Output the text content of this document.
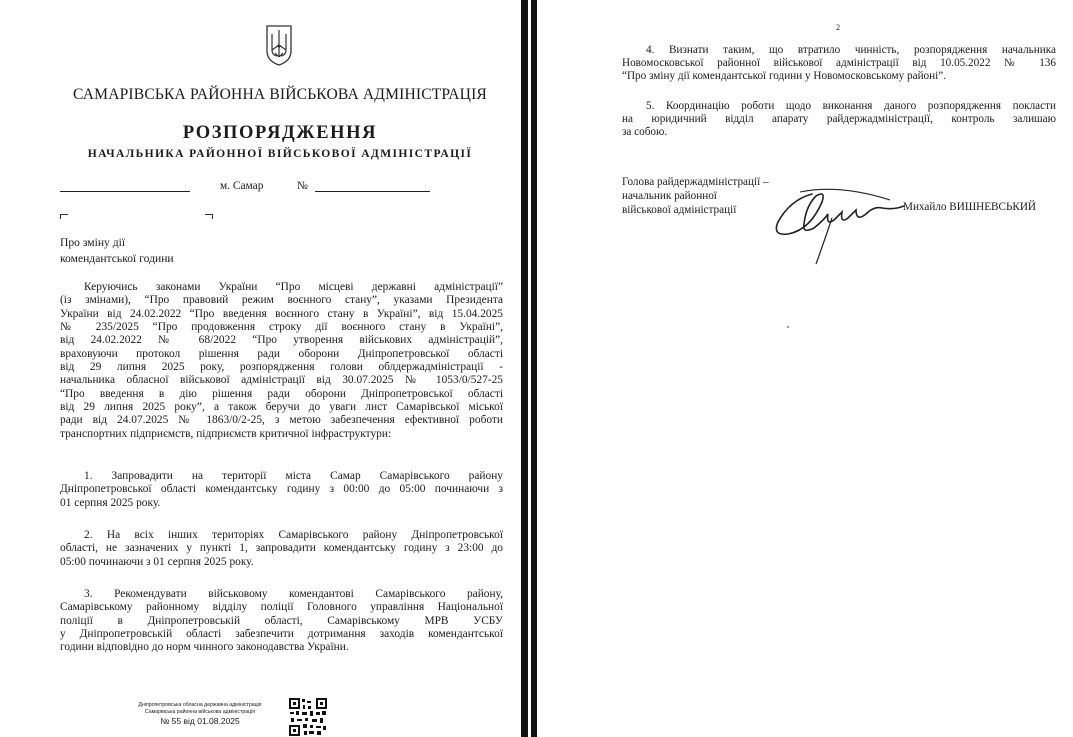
САМАРІВСЬКА РАЙОННА ВІЙСЬКОВА АДМІНІСТРАЦІЯ
РОЗПОРЯДЖЕННЯ
НАЧАЛЬНИКА РАЙОННОЇ ВІЙСЬКОВОЇ АДМІНІСТРАЦІЇ
м. Самар	№
Про зміну дії
комендантської години
Керуючись законами України “Про місцеві державні адміністрації”
(із змінами), “Про правовий режим воєнного стану”, указами Президента
України від 24.02.2022 “Про введення воєнного стану в Україні”, від 15.04.2025
№ 235/2025 “Про продовження строку дії воєнного стану в Україні”,
від 24.02.2022 № 68/2022 “Про утворення військових адміністрацій”,
враховуючи протокол рішення ради оборони Дніпропетровської області
від 29 липня 2025 року, розпорядження голови облдержадміністрації -
начальника обласної військової адміністрації від 30.07.2025 № 1053/0/527-25
“Про введення в дію рішення ради оборони Дніпропетровської області
від 29 липня 2025 року”, а також беручи до уваги лист Самарівської міської
ради від 24.07.2025 № 1863/0/2-25, з метою забезпечення ефективної роботи
транспортних підприємств, підприємств критичної інфраструктури:
1. Запровадити на території міста Самар Самарівського району
Дніпропетровської області комендантську годину з 00:00 до 05:00 починаючи з
01 серпня 2025 року.
2. На всіх інших територіях Самарівського району Дніпропетровської
області, не зазначених у пункті 1, запровадити комендантську годину з 23:00 до
05:00 починаючи з 01 серпня 2025 року.
3. Рекомендувати військовому комендантові Самарівського району,
Самарівському районному відділу поліції Головного управління Національної
поліції в Дніпропетровській області, Самарівському МРВ УСБУ
у Дніпропетровській області забезпечити дотримання заходів комендантської
години відповідно до норм чинного законодавства України.
Дніпропетровська обласна державна адміністрація
Самарівська районна військова адміністрація
№ 55 від 01.08.2025
2
4. Визнати таким, що втратило чинність, розпорядження начальника
Новомосковської районної військової адміністрації від 10.05.2022 № 136
“Про зміну дії комендантської години у Новомосковському районі”.
5. Координацію роботи щодо виконання даного розпорядження покласти
на юридичний відділ апарату райдержадміністрації, контроль залишаю
за собою.
Голова райдержадміністрації –
начальник районної
військової адміністрації	Михайло ВИШНЕВСЬКИЙ
